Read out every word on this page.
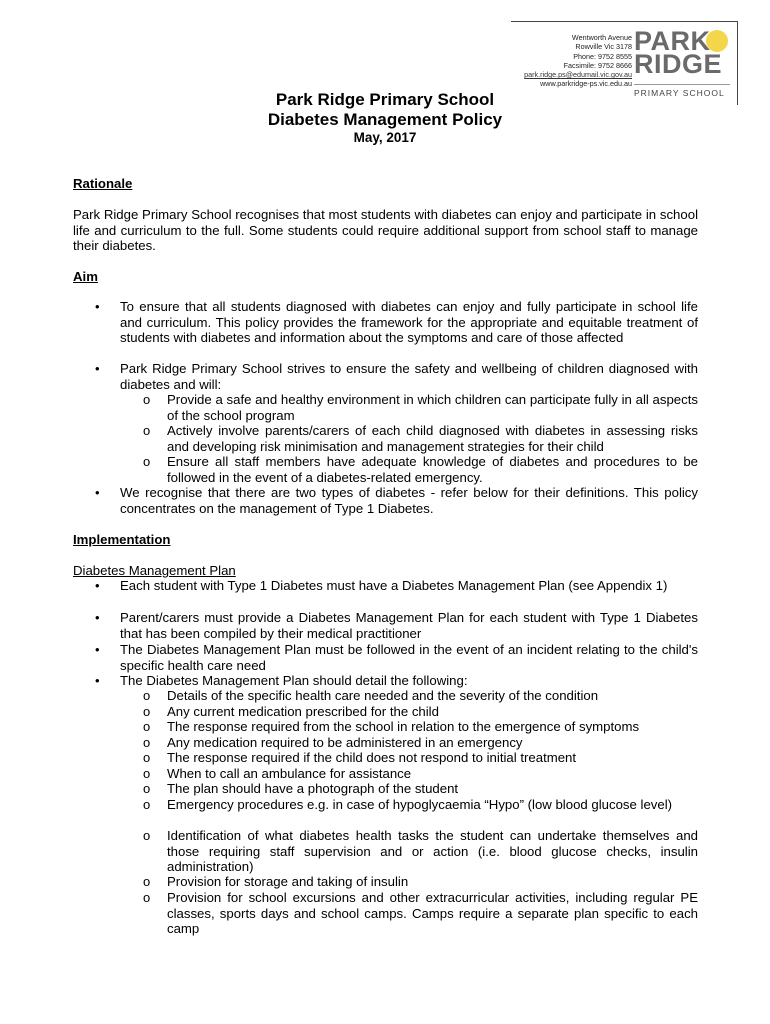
Wentworth Avenue
Rowville Vic 3178
Phone: 9752 8555
Facsimile: 9752 8666
park.ridge.ps@edumail.vic.gov.au
www.parkridge-ps.vic.edu.au
PARK
RIDGE
PRIMARY SCHOOL
Park Ridge Primary School
Diabetes Management Policy
May, 2017
Rationale
Park Ridge Primary School recognises that most students with diabetes can enjoy and participate in school life and curriculum to the full. Some students could require additional support from school staff to manage their diabetes.
Aim
• To ensure that all students diagnosed with diabetes can enjoy and fully participate in school life and curriculum. This policy provides the framework for the appropriate and equitable treatment of students with diabetes and information about the symptoms and care of those affected
• Park Ridge Primary School strives to ensure the safety and wellbeing of children diagnosed with diabetes and will:
o Provide a safe and healthy environment in which children can participate fully in all aspects of the school program
o Actively involve parents/carers of each child diagnosed with diabetes in assessing risks and developing risk minimisation and management strategies for their child
o Ensure all staff members have adequate knowledge of diabetes and procedures to be followed in the event of a diabetes-related emergency.
• We recognise that there are two types of diabetes - refer below for their definitions. This policy concentrates on the management of Type 1 Diabetes.
Implementation
Diabetes Management Plan
• Each student with Type 1 Diabetes must have a Diabetes Management Plan (see Appendix 1)
• Parent/carers must provide a Diabetes Management Plan for each student with Type 1 Diabetes that has been compiled by their medical practitioner
• The Diabetes Management Plan must be followed in the event of an incident relating to the child's specific health care need
• The Diabetes Management Plan should detail the following:
o Details of the specific health care needed and the severity of the condition
o Any current medication prescribed for the child
o The response required from the school in relation to the emergence of symptoms
o Any medication required to be administered in an emergency
o The response required if the child does not respond to initial treatment
o When to call an ambulance for assistance
o The plan should have a photograph of the student
o Emergency procedures e.g. in case of hypoglycaemia “Hypo” (low blood glucose level)
o Identification of what diabetes health tasks the student can undertake themselves and those requiring staff supervision and or action (i.e. blood glucose checks, insulin administration)
o Provision for storage and taking of insulin
o Provision for school excursions and other extracurricular activities, including regular PE classes, sports days and school camps. Camps require a separate plan specific to each camp
